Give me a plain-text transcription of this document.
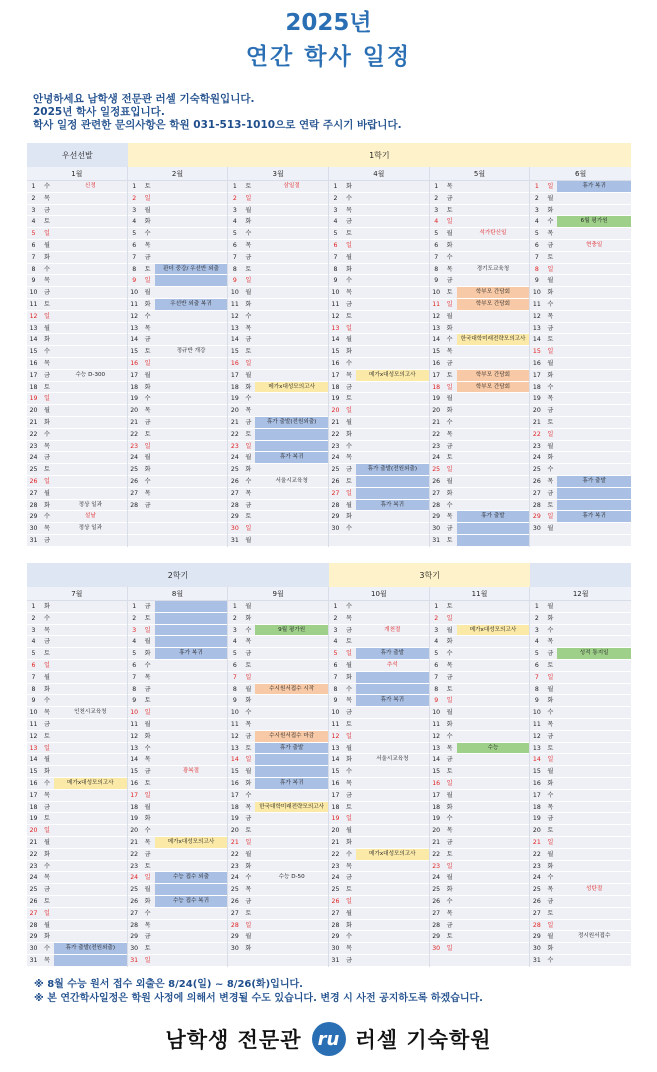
2025년
연간 학사 일정
안녕하세요 남학생 전문관 러셀 기숙학원입니다.
2025년 학사 일정표입니다.
학사 일정 관련한 문의사항은 학원 031-513-1010으로 연락 주시기 바랍니다.
우선선발	1학기
1월
1	수	신정
2	목
3	금
4	토
5	일
6	월
7	화
8	수
9	목
10	금
11	토
12	일
13	월
14	화
15	수
16	목
17	금	수능 D-300
18	토
19	일
20	월
21	화
22	수
23	목
24	금
25	토
26	일
27	월
28	화	정상 일과
29	수	설날
30	목	정상 일과
31	금
2월
1	토
2	일
3	월
4	화
5	수
6	목
7	금
8	토	판더 중강/ 우선반 외출
9	일
10	월
11	화	우선반 외출 복귀
12	수
13	목
14	금
15	토	정규반 개강
16	일
17	월
18	화
19	수
20	목
21	금
22	토
23	일
24	월
25	화
26	수
27	목
28	금
3월
1	토	삼일절
2	일
3	월
4	화
5	수
6	목
7	금
8	토
9	일
10	월
11	화
12	수
13	목
14	금
15	토
16	일
17	월
18	화	메가x대성모의고사
19	수
20	목
21	금	휴가 출발(전원외출)
22	토
23	일
24	월	휴가 복귀
25	화
26	수	서울시교육청
27	목
28	금
29	토
30	일
31	월
4월
1	화
2	수
3	목
4	금
5	토
6	일
7	월
8	화
9	수
10	목
11	금
12	토
13	일
14	월
15	화
16	수
17	목	메가x대성모의고사
18	금
19	토
20	일
21	월
22	화
23	수
24	목
25	금	휴가 출발(전원외출)
26	토
27	일
28	월	휴가 복귀
29	화
30	수
5월
1	목
2	금
3	토
4	일
5	월	석가탄신일
6	화
7	수
8	목	경기도교육청
9	금
10	토	학부모 간담회
11	일	학부모 간담회
12	월
13	화
14	수	한국대학미래전략모의고사
15	목
16	금
17	토	학부모 간담회
18	일	학부모 간담회
19	월
20	화
21	수
22	목
23	금
24	토
25	일
26	월
27	화
28	수
29	목	휴가 출발
30	금
31	토
6월
1	일	휴가 복귀
2	월
3	화
4	수	6월 평가원
5	목
6	금	현충일
7	토
8	일
9	월
10	화
11	수
12	목
13	금
14	토
15	일
16	월
17	화
18	수
19	목
20	금
21	토
22	일
23	월
24	화
25	수
26	목	휴가 출발
27	금
28	토
29	일	휴가 복귀
30	월
2학기	3학기
7월
1	화
2	수
3	목
4	금
5	토
6	일
7	월
8	화
9	수
10	목	인천시교육청
11	금
12	토
13	일
14	월
15	화
16	수	메가x대성모의고사
17	목
18	금
19	토
20	일
21	월
22	화
23	수
24	목
25	금
26	토
27	일
28	월
29	화
30	수	휴가 출발(전원외출)
31	목
8월
1	금
2	토
3	일
4	월
5	화	휴가 복귀
6	수
7	목
8	금
9	토
10	일
11	월
12	화
13	수
14	목
15	금	광복절
16	토
17	일
18	월
19	화
20	수
21	목	메가x대성모의고사
22	금
23	토
24	일	수능 접수 외출
25	월
26	화	수능 접수 복귀
27	수
28	목
29	금
30	토
31	일
9월
1	월
2	화
3	수	9월 평가원
4	목
5	금
6	토
7	일
8	월	수시원서접수 시작
9	화
10	수
11	목
12	금	수시원서접수 마감
13	토	휴가 출발
14	일
15	월
16	화	휴가 복귀
17	수
18	목	한국대학미래전략모의고사
19	금
20	토
21	일
22	월
23	화
24	수	수능 D-50
25	목
26	금
27	토
28	일
29	월
30	화
10월
1	수
2	목
3	금	개천절
4	토
5	일	휴가 출발
6	월	추석
7	화
8	수
9	목	휴가 복귀
10	금
11	토
12	일
13	월
14	화	서울시교육청
15	수
16	목
17	금
18	토
19	일
20	월
21	화
22	수	메가x대성모의고사
23	목
24	금
25	토
26	일
27	월
28	화
29	수
30	목
31	금
11월
1	토
2	일
3	월	메가x대성모의고사
4	화
5	수
6	목
7	금
8	토
9	일
10	월
11	화
12	수
13	목	수능
14	금
15	토
16	일
17	월
18	화
19	수
20	목
21	금
22	토
23	일
24	월
25	화
26	수
27	목
28	금
29	토
30	일
12월
1	월
2	화
3	수
4	목
5	금	성적 통지일
6	토
7	일
8	월
9	화
10	수
11	목
12	금
13	토
14	일
15	월
16	화
17	수
18	목
19	금
20	토
21	일
22	월
23	화
24	수
25	목	성탄절
26	금
27	토
28	일
29	월	정시원서접수
30	화
31	수
※ 8월 수능 원서 접수 외출은 8/24(일) ~ 8/26(화)입니다.
※ 본 연간학사일정은 학원 사정에 의해서 변경될 수도 있습니다. 변경 시 사전 공지하도록 하겠습니다.
남학생 전문관 ru 러셀 기숙학원
